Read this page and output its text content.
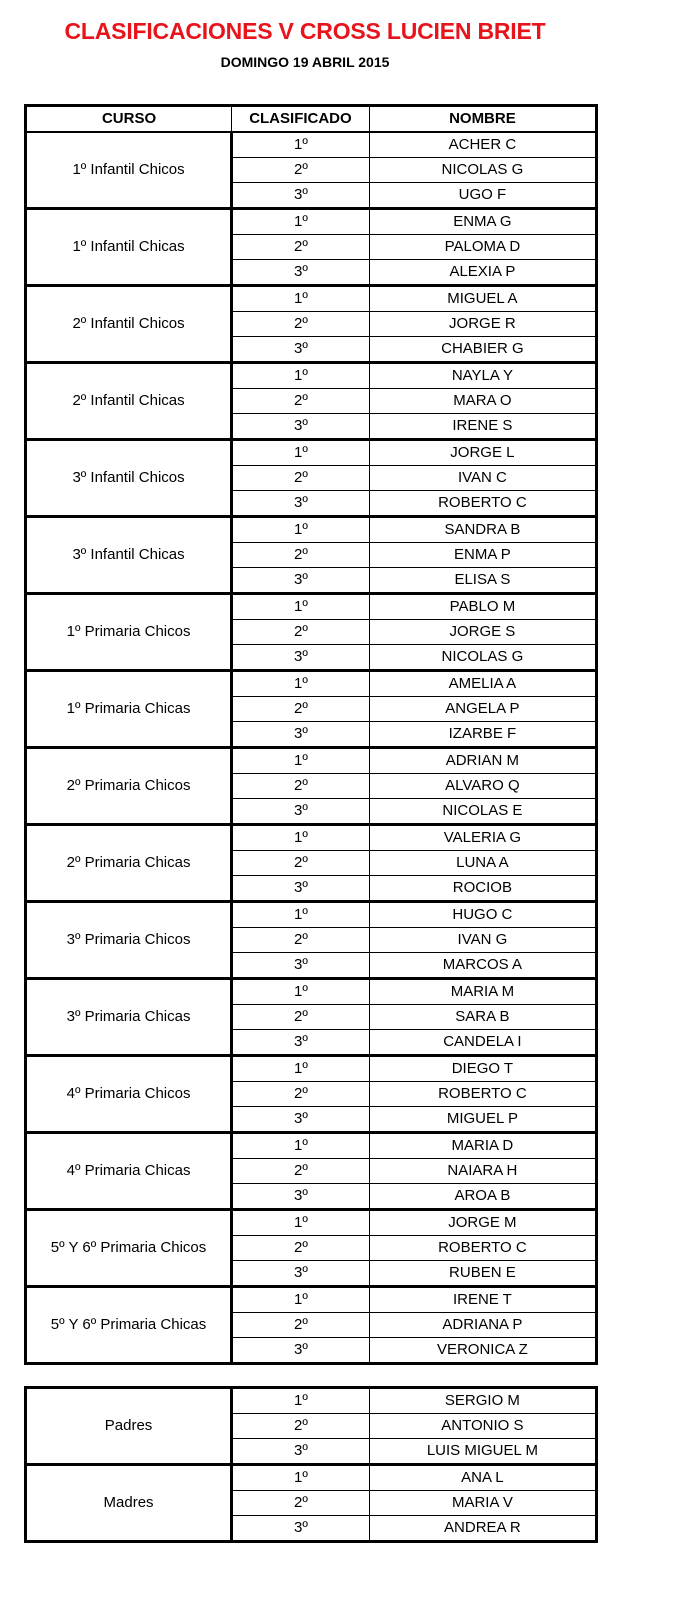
CLASIFICACIONES V CROSS LUCIEN BRIET
DOMINGO 19 ABRIL 2015
CURSO	CLASIFICADO	NOMBRE
1º Infantil Chicos	1º	ACHER C
	2º	NICOLAS G
	3º	UGO F
1º Infantil Chicas	1º	ENMA G
	2º	PALOMA D
	3º	ALEXIA P
2º Infantil Chicos	1º	MIGUEL A
	2º	JORGE R
	3º	CHABIER G
2º Infantil Chicas	1º	NAYLA Y
	2º	MARA O
	3º	IRENE S
3º Infantil Chicos	1º	JORGE L
	2º	IVAN C
	3º	ROBERTO C
3º Infantil Chicas	1º	SANDRA B
	2º	ENMA P
	3º	ELISA S
1º Primaria Chicos	1º	PABLO M
	2º	JORGE S
	3º	NICOLAS G
1º Primaria Chicas	1º	AMELIA A
	2º	ANGELA P
	3º	IZARBE F
2º Primaria Chicos	1º	ADRIAN M
	2º	ALVARO Q
	3º	NICOLAS E
2º Primaria Chicas	1º	VALERIA G
	2º	LUNA A
	3º	ROCIOB
3º Primaria Chicos	1º	HUGO C
	2º	IVAN G
	3º	MARCOS A
3º Primaria Chicas	1º	MARIA M
	2º	SARA B
	3º	CANDELA I
4º Primaria Chicos	1º	DIEGO T
	2º	ROBERTO C
	3º	MIGUEL P
4º Primaria Chicas	1º	MARIA D
	2º	NAIARA H
	3º	AROA B
5º Y 6º Primaria Chicos	1º	JORGE M
	2º	ROBERTO C
	3º	RUBEN E
5º Y 6º Primaria Chicas	1º	IRENE T
	2º	ADRIANA P
	3º	VERONICA Z
Padres	1º	SERGIO M
	2º	ANTONIO S
	3º	LUIS MIGUEL M
Madres	1º	ANA L
	2º	MARIA V
	3º	ANDREA R
